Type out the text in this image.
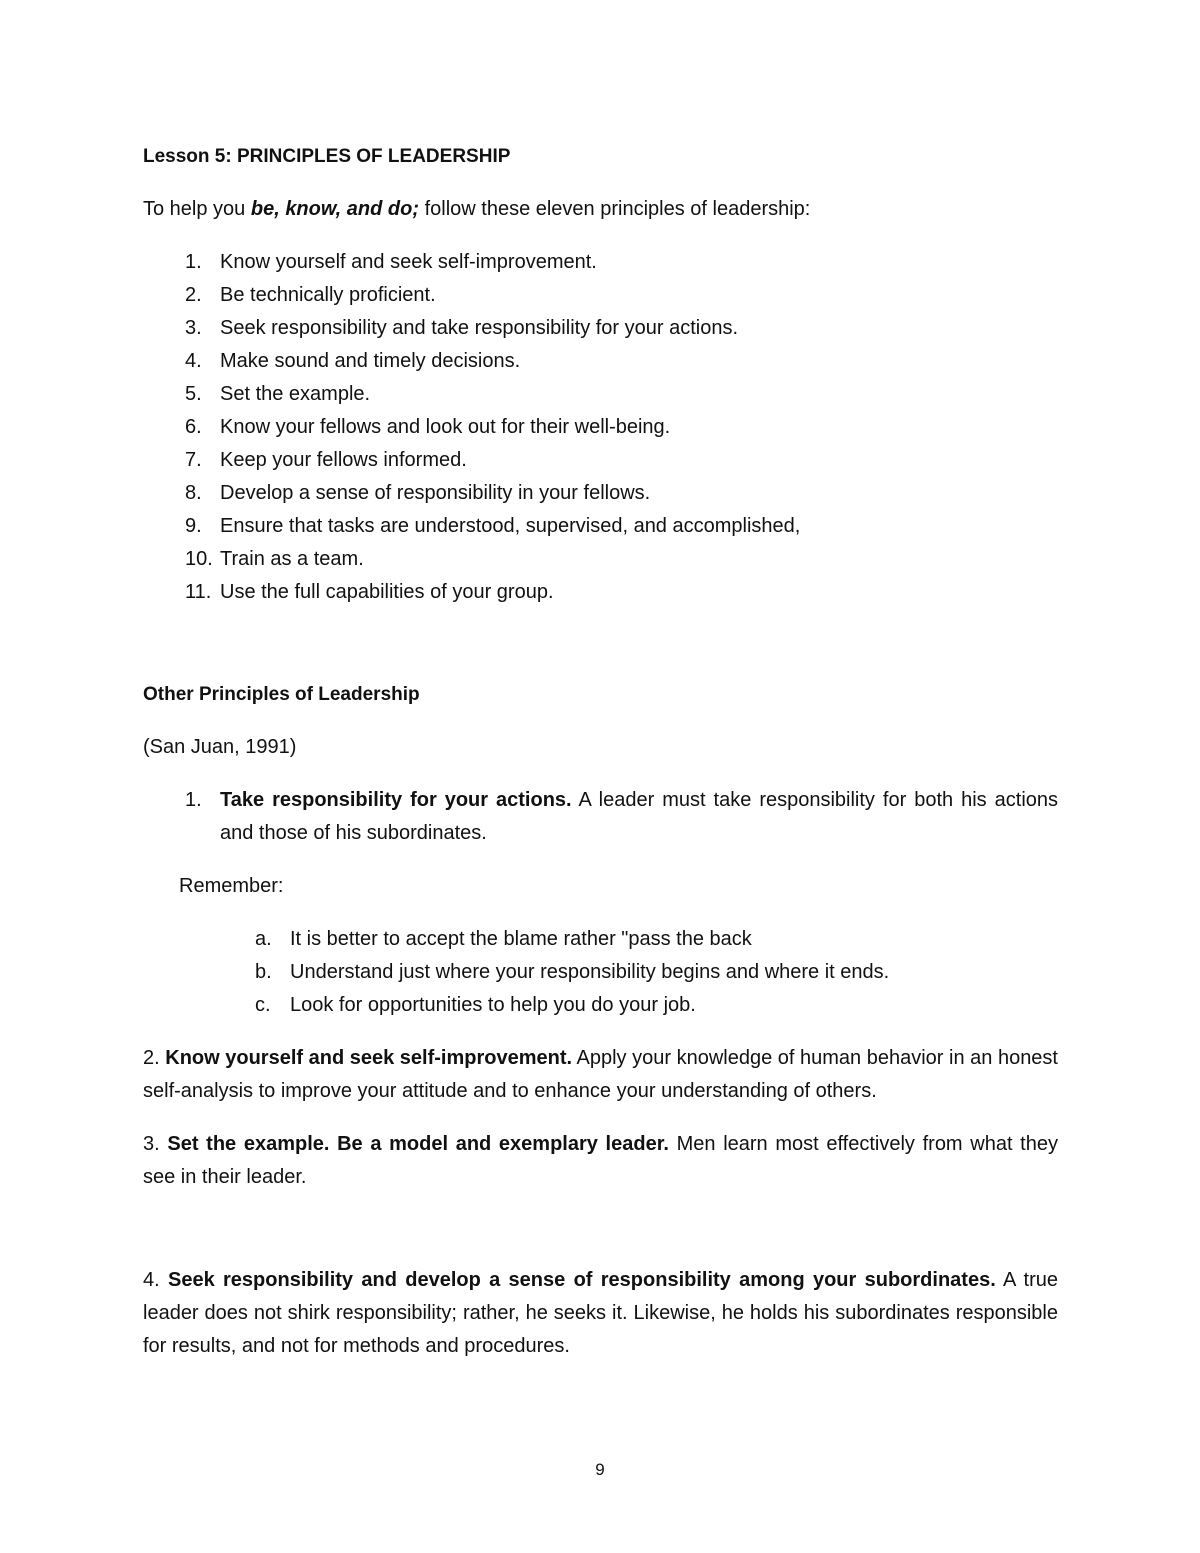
Lesson 5: PRINCIPLES OF LEADERSHIP

To help you be, know, and do; follow these eleven principles of leadership:

1. Know yourself and seek self-improvement.
2. Be technically proficient.
3. Seek responsibility and take responsibility for your actions.
4. Make sound and timely decisions.
5. Set the example.
6. Know your fellows and look out for their well-being.
7. Keep your fellows informed.
8. Develop a sense of responsibility in your fellows.
9. Ensure that tasks are understood, supervised, and accomplished,
10. Train as a team.
11. Use the full capabilities of your group.
Other Principles of Leadership

(San Juan, 1991)

1. Take responsibility for your actions. A leader must take responsibility for both his actions and those of his subordinates.

Remember:

a. It is better to accept the blame rather "pass the back
b. Understand just where your responsibility begins and where it ends.
c. Look for opportunities to help you do your job.

2. Know yourself and seek self-improvement. Apply your knowledge of human behavior in an honest self-analysis to improve your attitude and to enhance your understanding of others.

3. Set the example. Be a model and exemplary leader. Men learn most effectively from what they see in their leader.

4. Seek responsibility and develop a sense of responsibility among your subordinates. A true leader does not shirk responsibility; rather, he seeks it. Likewise, he holds his subordinates responsible for results, and not for methods and procedures.

9
